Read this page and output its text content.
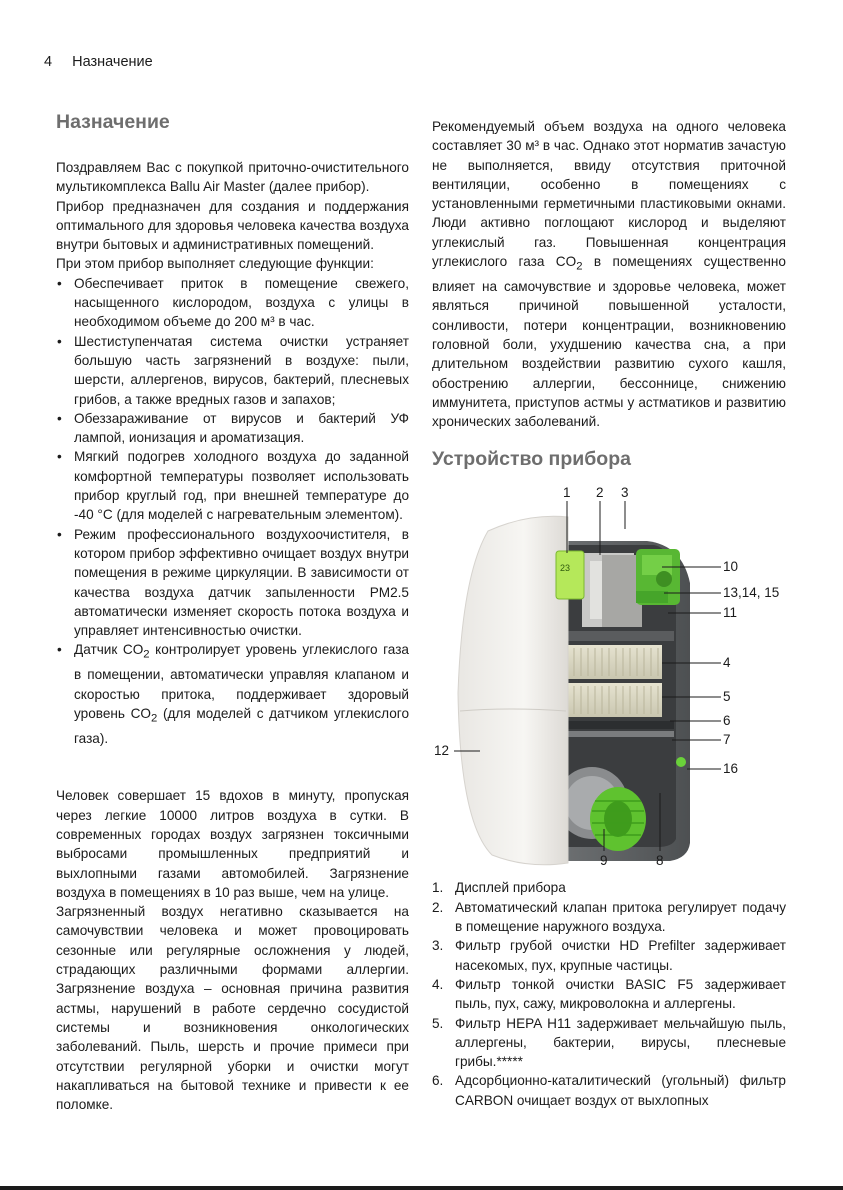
4 Назначение
Назначение

Поздравляем Вас с покупкой приточно-очистительного мультикомплекса Ballu Air Master (далее прибор).

Прибор предназначен для создания и поддержания оптимального для здоровья человека качества воздуха внутри бытовых и административных помещений.

При этом прибор выполняет следующие функции:

• Обеспечивает приток в помещение свежего, насыщенного кислородом, воздуха с улицы в необходимом объеме до 200 м³ в час.
• Шестиступенчатая система очистки устраняет большую часть загрязнений в воздухе: пыли, шерсти, аллергенов, вирусов, бактерий, плесневых грибов, а также вредных газов и запахов;
• Обеззараживание от вирусов и бактерий УФ лампой, ионизация и ароматизация.
• Мягкий подогрев холодного воздуха до заданной комфортной температуры позволяет использовать прибор круглый год, при внешней температуре до -40 °С (для моделей с нагревательным элементом).
• Режим профессионального воздухоочистителя, в котором прибор эффективно очищает воздух внутри помещения в режиме циркуляции. В зависимости от качества воздуха датчик запыленности PM2.5 автоматически изменяет скорость потока воздуха и управляет интенсивностью очистки.
• Датчик $CO_2$ контролирует уровень углекислого газа в помещении, автоматически управляя клапаном и скоростью притока, поддерживает здоровый уровень $CO_2$ (для моделей с датчиком углекислого газа).

Человек совершает 15 вдохов в минуту, пропуская через легкие 10000 литров воздуха в сутки. В современных городах воздух загрязнен токсичными выбросами промышленных предприятий и выхлопными газами автомобилей. Загрязнение воздуха в помещениях в 10 раз выше, чем на улице.

Загрязненный воздух негативно сказывается на самочувствии человека и может провоцировать сезонные или регулярные осложнения у людей, страдающих различными формами аллергии. Загрязнение воздуха – основная причина развития астмы, нарушений в работе сердечно сосудистой системы и возникновения онкологических заболеваний. Пыль, шерсть и прочие примеси при отсутствии регулярной уборки и очистки могут накапливаться на бытовой технике и привести к ее поломке.

Рекомендуемый объем воздуха на одного человека составляет 30 м³ в час. Однако этот норматив зачастую не выполняется, ввиду отсутствия приточной вентиляции, особенно в помещениях с установленными герметичными пластиковыми окнами. Люди активно поглощают кислород и выделяют углекислый газ. Повышенная концентрация углекислого газа $CO_2$ в помещениях существенно влияет на самочувствие и здоровье человека, может являться причиной повышенной усталости, сонливости, потери концентрации, возникновению головной боли, ухудшению качества сна, а при длительном воздействии развитию сухого кашля, обострению аллергии, бессоннице, снижению иммунитета, приступов астмы у астматиков и развитию хронических заболеваний.

Устройство прибора
23
1 2 3
10
13,14, 15
11
4
5
6
7
12
16
9	8
1. Дисплей прибора
2. Автоматический клапан притока регулирует подачу в помещение наружного воздуха.
3. Фильтр грубой очистки HD Prefilter задерживает насекомых, пух, крупные частицы.
4. Фильтр тонкой очистки BASIC F5 задерживает пыль, пух, сажу, микроволокна и аллергены.
5. Фильтр HEPA H11 задерживает мельчайшую пыль, аллергены, бактерии, вирусы, плесневые грибы.*****
6. Адсорбционно-каталитический (угольный) фильтр CARBON очищает воздух от выхлопных
